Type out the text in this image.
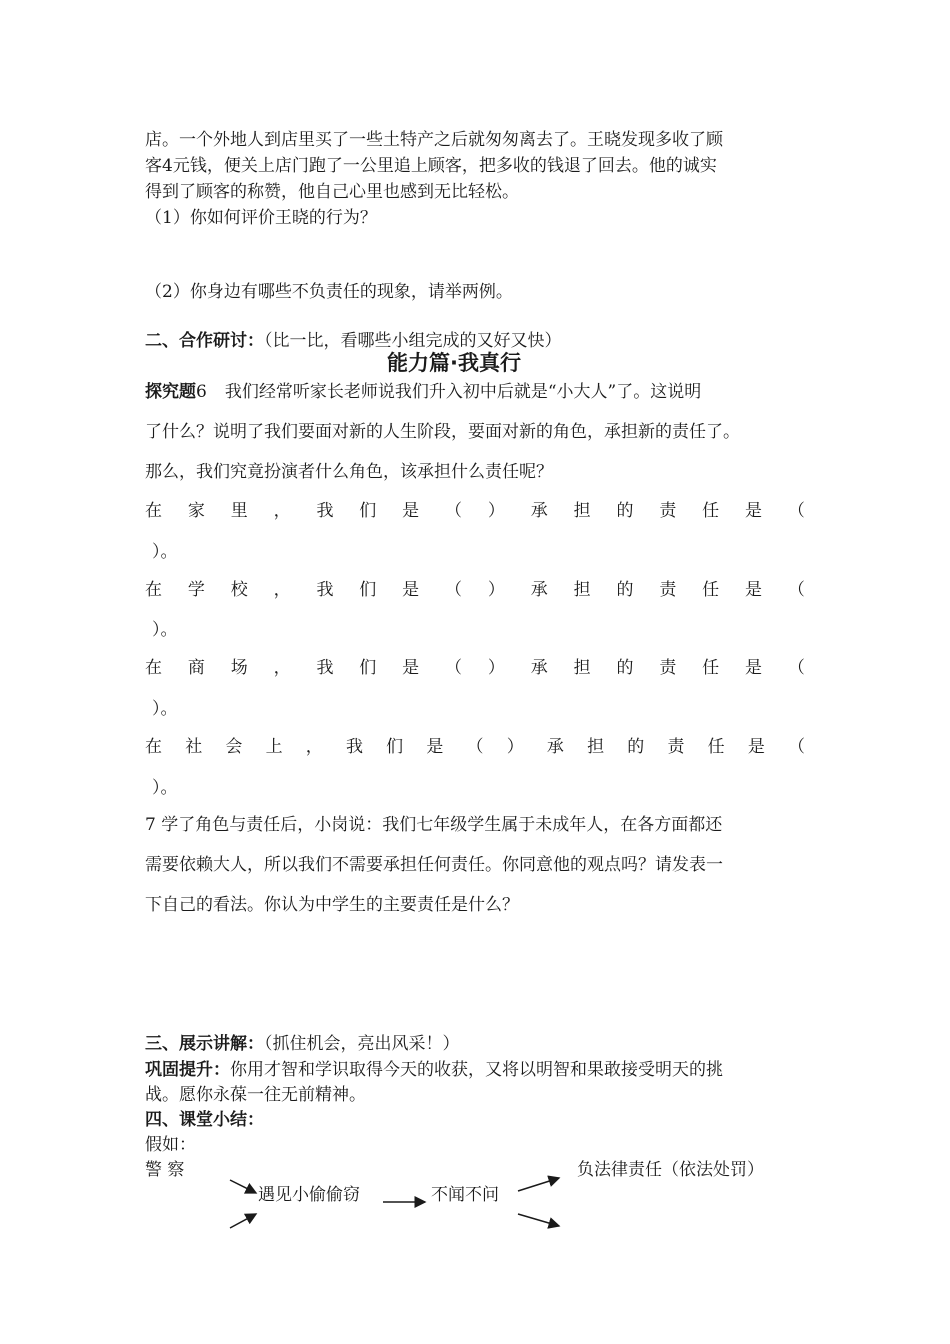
店。一个外地人到店里买了一些土特产之后就匆匆离去了。王晓发现多收了顾
客4元钱，便关上店门跑了一公里追上顾客，把多收的钱退了回去。他的诚实
得到了顾客的称赞，他自己心里也感到无比轻松。
（1）你如何评价王晓的行为？
（2）你身边有哪些不负责任的现象，请举两例。
二、合作研讨：（比一比，看哪些小组完成的又好又快）
能力篇·我真行
探究题6 我们经常听家长老师说我们升入初中后就是“小大人”了。这说明
了什么？说明了我们要面对新的人生阶段，要面对新的角色，承担新的责任了。
那么，我们究竟扮演者什么角色，该承担什么责任呢？
在 家 里 ， 我 们 是 （ ） 承 担 的 责 任 是 （
）。
在 学 校 ， 我 们 是 （ ） 承 担 的 责 任 是 （
）。
在 商 场 ， 我 们 是 （ ） 承 担 的 责 任 是 （
）。
在 社 会 上 ， 我 们 是 （ ） 承 担 的 责 任 是 （
）。
7 学了角色与责任后，小岗说：我们七年级学生属于未成年人，在各方面都还
需要依赖大人，所以我们不需要承担任何责任。你同意他的观点吗？请发表一
下自己的看法。你认为中学生的主要责任是什么？
三、展示讲解：（抓住机会，亮出风采！）
巩固提升：你用才智和学识取得今天的收获，又将以明智和果敢接受明天的挑
战。愿你永葆一往无前精神。
四、课堂小结：
假如：
警 察
遇见小偷偷窃	不闻不问
负法律责任（依法处罚）
